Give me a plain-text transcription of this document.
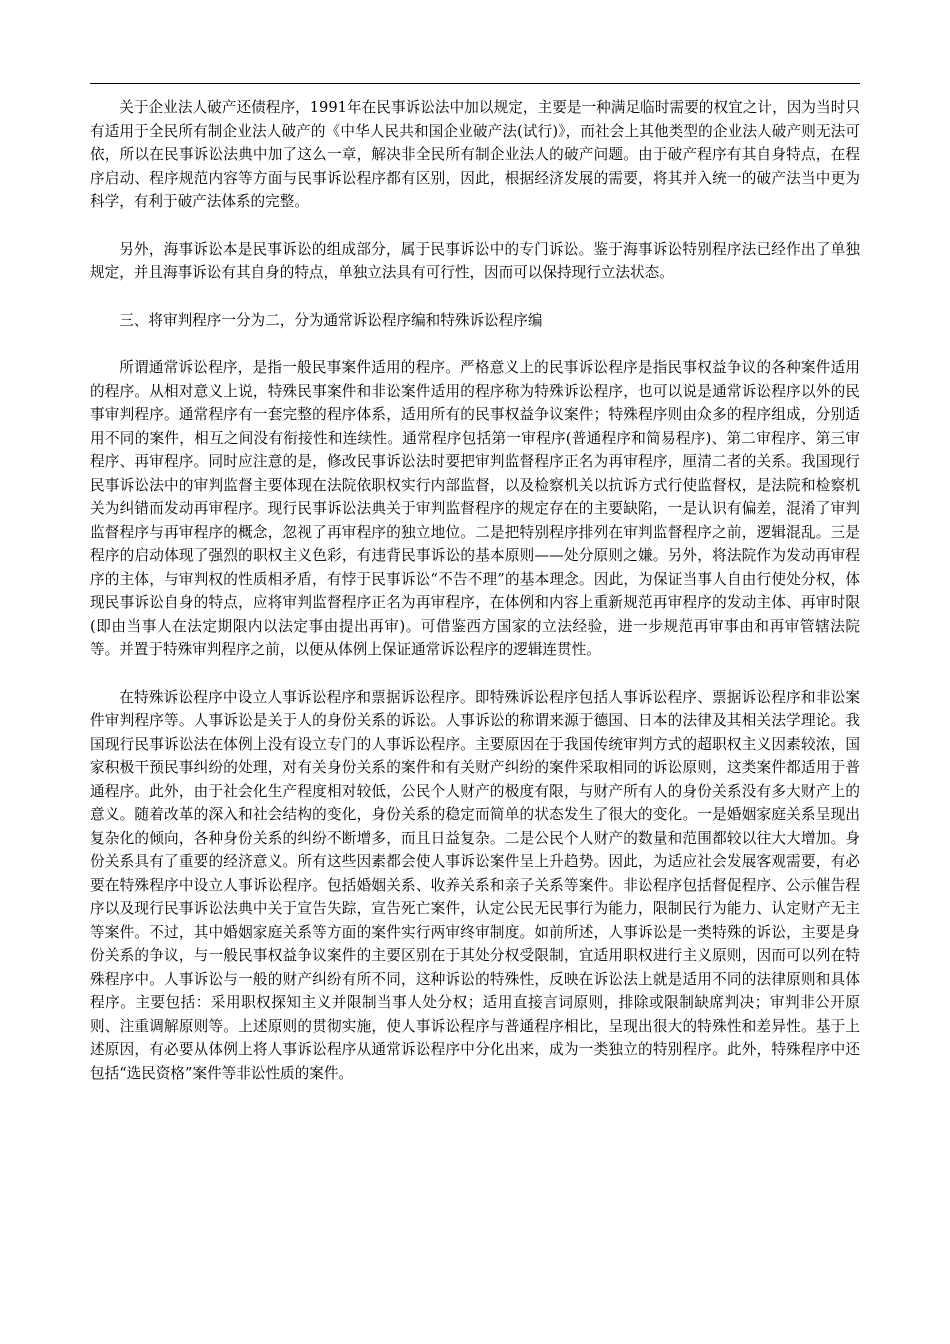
关于企业法人破产还债程序，1991年在民事诉讼法中加以规定，主要是一种满足临时需要的权宜之计，因为当时只有适用于全民所有制企业法人破产的《中华人民共和国企业破产法(试行)》，而社会上其他类型的企业法人破产则无法可依，所以在民事诉讼法典中加了这么一章，解决非全民所有制企业法人的破产问题。由于破产程序有其自身特点，在程序启动、程序规范内容等方面与民事诉讼程序都有区别，因此，根据经济发展的需要，将其并入统一的破产法当中更为科学，有利于破产法体系的完整。

另外，海事诉讼本是民事诉讼的组成部分，属于民事诉讼中的专门诉讼。鉴于海事诉讼特别程序法已经作出了单独规定，并且海事诉讼有其自身的特点，单独立法具有可行性，因而可以保持现行立法状态。

三、将审判程序一分为二，分为通常诉讼程序编和特殊诉讼程序编

所谓通常诉讼程序，是指一般民事案件适用的程序。严格意义上的民事诉讼程序是指民事权益争议的各种案件适用的程序。从相对意义上说，特殊民事案件和非讼案件适用的程序称为特殊诉讼程序，也可以说是通常诉讼程序以外的民事审判程序。通常程序有一套完整的程序体系，适用所有的民事权益争议案件；特殊程序则由众多的程序组成，分别适用不同的案件，相互之间没有衔接性和连续性。通常程序包括第一审程序(普通程序和简易程序)、第二审程序、第三审程序、再审程序。同时应注意的是，修改民事诉讼法时要把审判监督程序正名为再审程序，厘清二者的关系。我国现行民事诉讼法中的审判监督主要体现在法院依职权实行内部监督，以及检察机关以抗诉方式行使监督权，是法院和检察机关为纠错而发动再审程序。现行民事诉讼法典关于审判监督程序的规定存在的主要缺陷，一是认识有偏差，混淆了审判监督程序与再审程序的概念，忽视了再审程序的独立地位。二是把特别程序排列在审判监督程序之前，逻辑混乱。三是程序的启动体现了强烈的职权主义色彩，有违背民事诉讼的基本原则——处分原则之嫌。另外，将法院作为发动再审程序的主体，与审判权的性质相矛盾，有悖于民事诉讼“不告不理”的基本理念。因此，为保证当事人自由行使处分权，体现民事诉讼自身的特点，应将审判监督程序正名为再审程序，在体例和内容上重新规范再审程序的发动主体、再审时限(即由当事人在法定期限内以法定事由提出再审)。可借鉴西方国家的立法经验，进一步规范再审事由和再审管辖法院等。并置于特殊审判程序之前，以便从体例上保证通常诉讼程序的逻辑连贯性。

在特殊诉讼程序中设立人事诉讼程序和票据诉讼程序。即特殊诉讼程序包括人事诉讼程序、票据诉讼程序和非讼案件审判程序等。人事诉讼是关于人的身份关系的诉讼。人事诉讼的称谓来源于德国、日本的法律及其相关法学理论。我国现行民事诉讼法在体例上没有设立专门的人事诉讼程序。主要原因在于我国传统审判方式的超职权主义因素较浓，国家积极干预民事纠纷的处理，对有关身份关系的案件和有关财产纠纷的案件采取相同的诉讼原则，这类案件都适用于普通程序。此外，由于社会化生产程度相对较低，公民个人财产的极度有限，与财产所有人的身份关系没有多大财产上的意义。随着改革的深入和社会结构的变化，身份关系的稳定而简单的状态发生了很大的变化。一是婚姻家庭关系呈现出复杂化的倾向，各种身份关系的纠纷不断增多，而且日益复杂。二是公民个人财产的数量和范围都较以往大大增加。身份关系具有了重要的经济意义。所有这些因素都会使人事诉讼案件呈上升趋势。因此，为适应社会发展客观需要，有必要在特殊程序中设立人事诉讼程序。包括婚姻关系、收养关系和亲子关系等案件。非讼程序包括督促程序、公示催告程序以及现行民事诉讼法典中关于宣告失踪，宣告死亡案件，认定公民无民事行为能力，限制民行为能力、认定财产无主等案件。不过，其中婚姻家庭关系等方面的案件实行两审终审制度。如前所述，人事诉讼是一类特殊的诉讼，主要是身份关系的争议，与一般民事权益争议案件的主要区别在于其处分权受限制，宜适用职权进行主义原则，因而可以列在特殊程序中。人事诉讼与一般的财产纠纷有所不同，这种诉讼的特殊性，反映在诉讼法上就是适用不同的法律原则和具体程序。主要包括：采用职权探知主义并限制当事人处分权；适用直接言词原则，排除或限制缺席判决；审判非公开原则、注重调解原则等。上述原则的贯彻实施，使人事诉讼程序与普通程序相比，呈现出很大的特殊性和差异性。基于上述原因，有必要从体例上将人事诉讼程序从通常诉讼程序中分化出来，成为一类独立的特别程序。此外，特殊程序中还包括“选民资格”案件等非讼性质的案件。
